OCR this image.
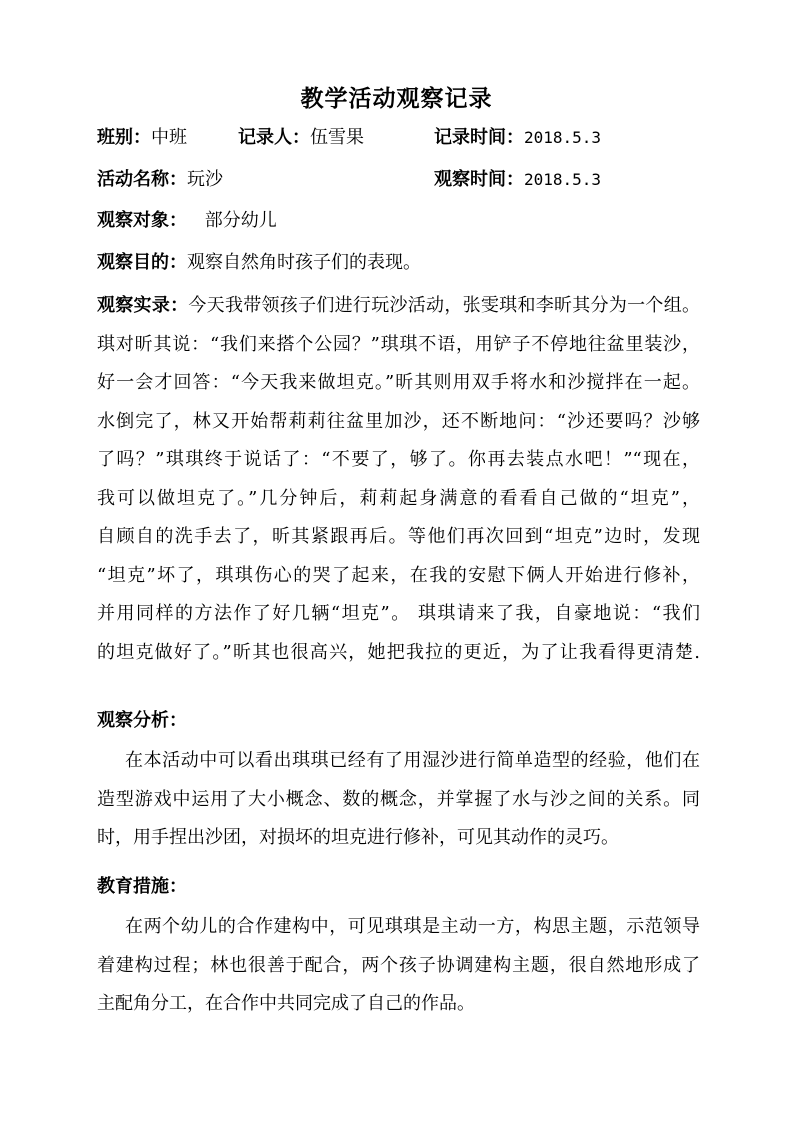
教学活动观察记录
班别：中班	记录人：伍雪果	记录时间：2018.5.3
活动名称：玩沙	观察时间：2018.5.3
观察对象： 部分幼儿
观察目的：观察自然角时孩子们的表现。
观察实录：今天我带领孩子们进行玩沙活动，张雯琪和李昕其分为一个组。
琪对昕其说：“我们来搭个公园？”琪琪不语，用铲子不停地往盆里装沙，
好一会才回答：“今天我来做坦克。”昕其则用双手将水和沙搅拌在一起。
水倒完了，林又开始帮莉莉往盆里加沙，还不断地问：“沙还要吗？沙够
了吗？”琪琪终于说话了：“不要了，够了。你再去装点水吧！”“现在，
我可以做坦克了。”几分钟后，莉莉起身满意的看看自己做的“坦克”，
自顾自的洗手去了，昕其紧跟再后。等他们再次回到“坦克”边时，发现
“坦克”坏了，琪琪伤心的哭了起来，在我的安慰下俩人开始进行修补，
并用同样的方法作了好几辆“坦克”。 琪琪请来了我，自豪地说：“我们
的坦克做好了。”昕其也很高兴，她把我拉的更近，为了让我看得更清楚.
观察分析：
在本活动中可以看出琪琪已经有了用湿沙进行简单造型的经验，他们在
造型游戏中运用了大小概念、数的概念，并掌握了水与沙之间的关系。同
时，用手捏出沙团，对损坏的坦克进行修补，可见其动作的灵巧。
教育措施：
在两个幼儿的合作建构中，可见琪琪是主动一方，构思主题，示范领导
着建构过程；林也很善于配合，两个孩子协调建构主题，很自然地形成了
主配角分工，在合作中共同完成了自己的作品。
